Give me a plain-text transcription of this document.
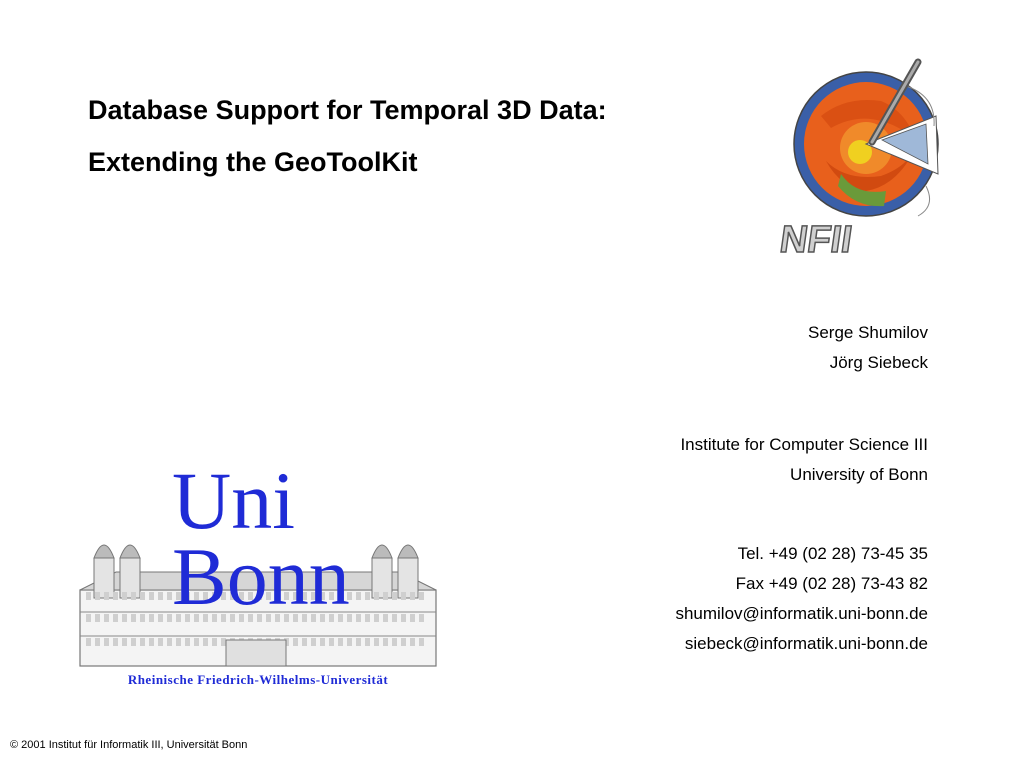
Database Support for Temporal 3D Data:
Extending the GeoToolKit
NFII
Serge Shumilov
Jörg Siebeck
Institute for Computer Science III
University of Bonn
Tel. +49 (02 28) 73-45 35
Fax +49 (02 28) 73-43 82
shumilov@informatik.uni-bonn.de
siebeck@informatik.uni-bonn.de
Uni
Bonn
Rheinische Friedrich-Wilhelms-Universität
© 2001 Institut für Informatik III, Universität Bonn
